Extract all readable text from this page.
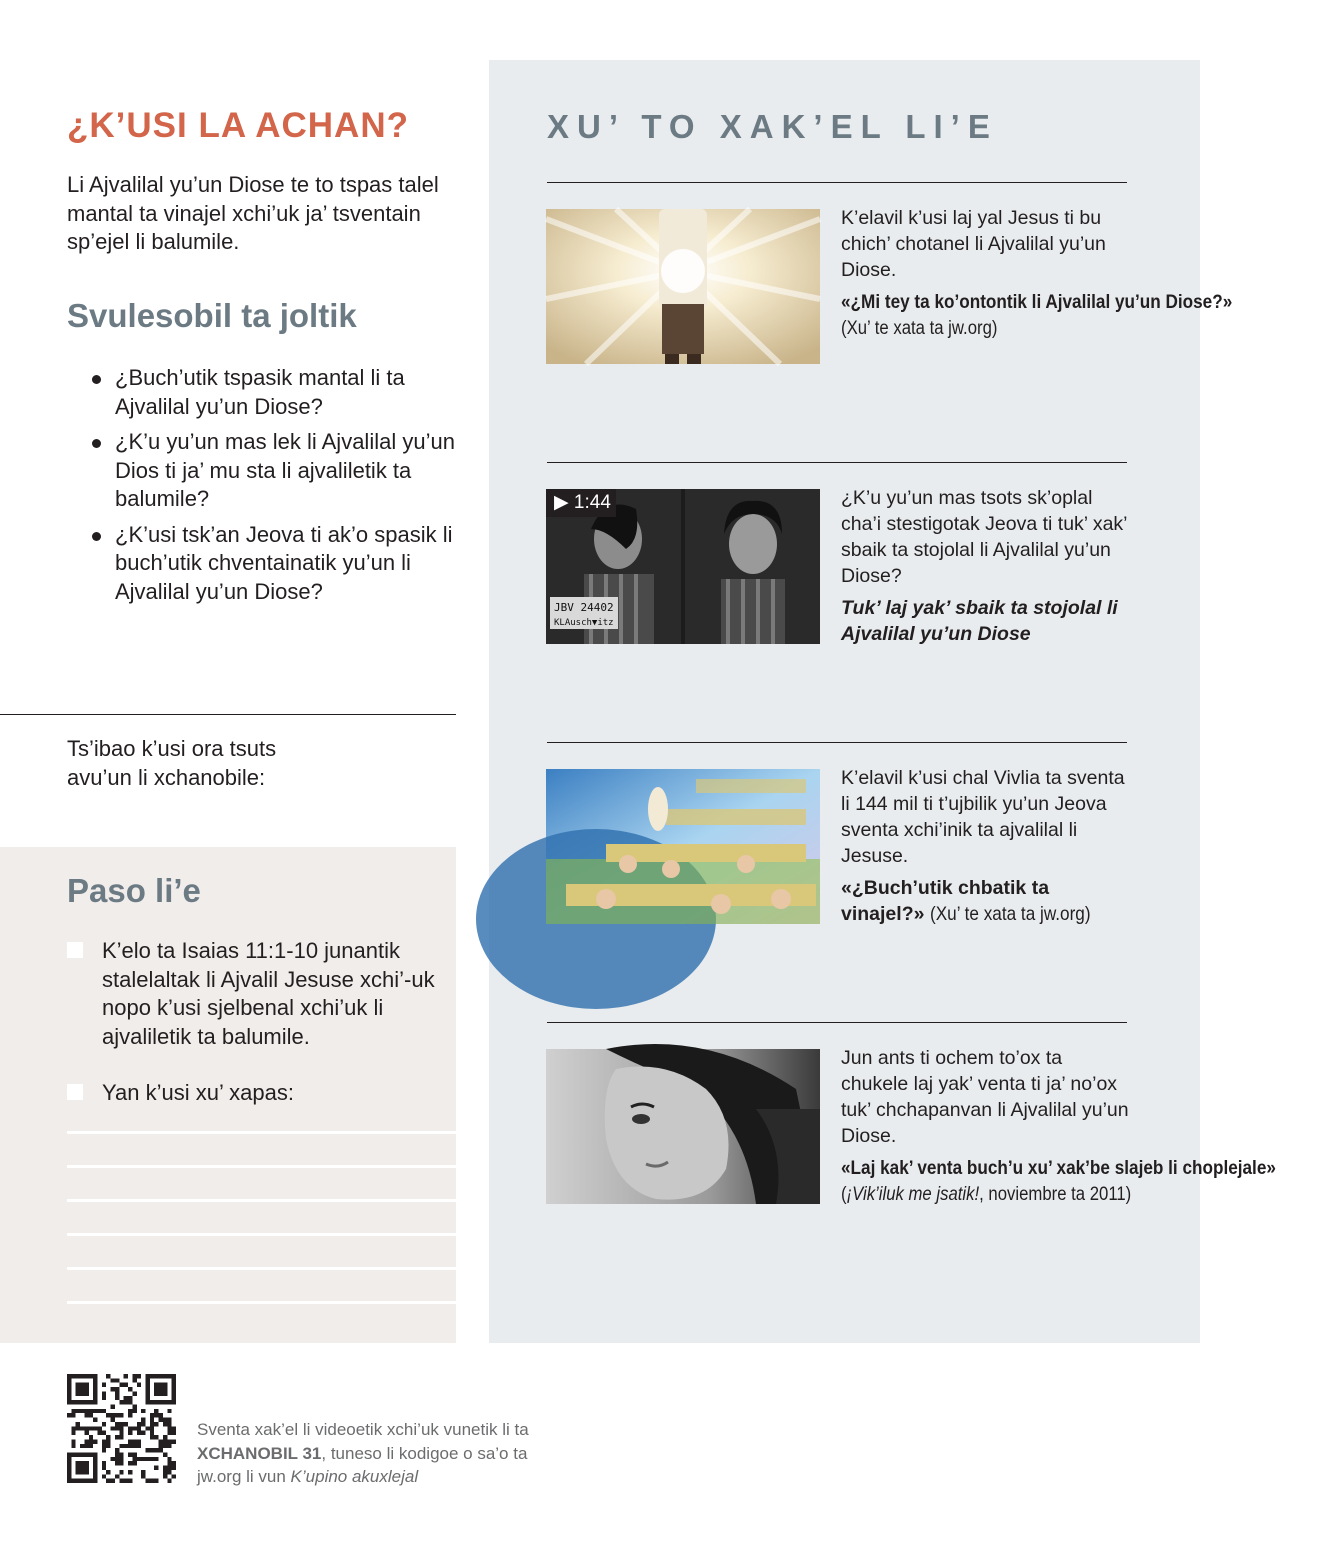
¿K’USI LA ACHAN?

Li Ajvalilal yu’un Diose te to tspas talel mantal ta vinajel xchi’uk ja’ tsventain sp’ejel li balumile.

Svulesobil ta joltik
¿Buch’utik tspasik mantal li ta Ajvalilal yu’un Diose?
¿K’u yu’un mas lek li Ajvalilal yu’un Dios ti ja’ mu sta li ajvaliletik ta balumile?
¿K’usi tsk’an Jeova ti ak’o spasik li buch’utik chventainatik yu’un li Ajvalilal yu’un Diose?

Ts’ibao k’usi ora tsuts avu’un li xchanobile:

Paso li’e
K’elo ta Isaias 11:1-10 junantik stalelaltak li Ajvalil Jesuse xchi’-uk nopo k’usi sjelbenal xchi’uk li ajvaliletik ta balumile.
Yan k’usi xu’ xapas:
XU’ TO XAK’EL LI’E
K’elavil k’usi laj yal Jesus ti bu chich’ chotanel li Ajvalilal yu’un Diose.
«¿Mi tey ta ko’ontontik li Ajvalilal yu’un Diose?»
(Xu’ te xata ta jw.org)
JBV 24402
KLAusch▼itz
▶ 1:44	¿K’u yu’un mas tsots sk’oplal cha’i stestigotak Jeova ti tuk’ xak’ sbaik ta stojolal li Ajvalilal yu’un Diose?
Tuk’ laj yak’ sbaik ta stojolal li Ajvalilal yu’un Diose
K’elavil k’usi chal Vivlia ta sventa li 144 mil ti t’ujbilik yu’un Jeova sventa xchi’inik ta ajvalilal li Jesuse.
«¿Buch’utik chbatik ta vinajel?» (Xu’ te xata ta jw.org)
Jun ants ti ochem to’ox ta chukele laj yak’ venta ti ja’ no’ox tuk’ chchapanvan li Ajvalilal yu’un Diose.
«Laj kak’ venta buch’u xu’ xak’be slajeb li choplejale»
(¡Vik’iluk me jsatik!, noviembre ta 2011)

Sventa xak’el li videoetik xchi’uk vunetik li ta XCHANOBIL 31, tuneso li kodigoe o sa’o ta jw.org li vun K’upino akuxlejal
